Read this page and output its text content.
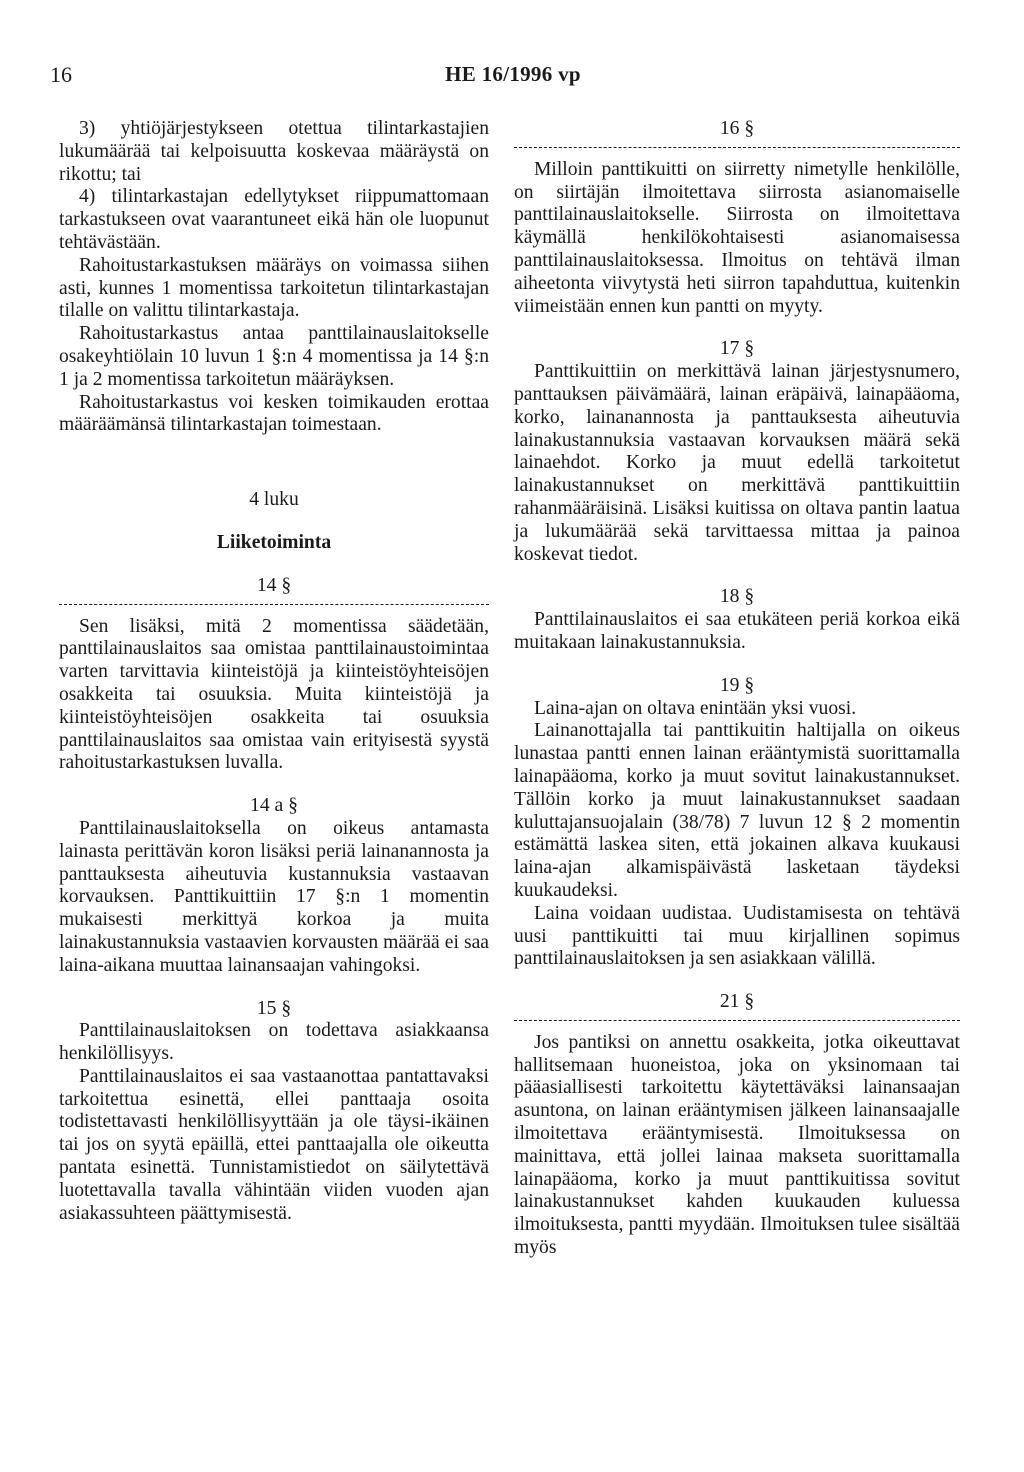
16	HE 16/1996 vp

3) yhtiöjärjestykseen otettua tilintarkastajien lukumäärää tai kelpoisuutta koskevaa määräystä on rikottu; tai

4) tilintarkastajan edellytykset riippumattomaan tarkastukseen ovat vaarantuneet eikä hän ole luopunut tehtävästään.

Rahoitustarkastuksen määräys on voimassa siihen asti, kunnes 1 momentissa tarkoitetun tilintarkastajan tilalle on valittu tilintarkastaja.

Rahoitustarkastus antaa panttilainauslaitokselle osakeyhtiölain 10 luvun 1 §:n 4 momentissa ja 14 §:n 1 ja 2 momentissa tarkoitetun määräyksen.

Rahoitustarkastus voi kesken toimikauden erottaa määräämänsä tilintarkastajan toimestaan.

4 luku

Liiketoiminta

14 §

Sen lisäksi, mitä 2 momentissa säädetään, panttilainauslaitos saa omistaa panttilainaustoimintaa varten tarvittavia kiinteistöjä ja kiinteistöyhteisöjen osakkeita tai osuuksia. Muita kiinteistöjä ja kiinteistöyhteisöjen osakkeita tai osuuksia panttilainauslaitos saa omistaa vain erityisestä syystä rahoitustarkastuksen luvalla.

14 a §

Panttilainauslaitoksella on oikeus antamasta lainasta perittävän koron lisäksi periä lainanannosta ja panttauksesta aiheutuvia kustannuksia vastaavan korvauksen. Panttikuittiin 17 §:n 1 momentin mukaisesti merkittyä korkoa ja muita lainakustannuksia vastaavien korvausten määrää ei saa laina-aikana muuttaa lainansaajan vahingoksi.

15 §

Panttilainauslaitoksen on todettava asiakkaansa henkilöllisyys.

Panttilainauslaitos ei saa vastaanottaa pantattavaksi tarkoitettua esinettä, ellei panttaaja osoita todistettavasti henkilöllisyyttään ja ole täysi-ikäinen tai jos on syytä epäillä, ettei panttaajalla ole oikeutta pantata esinettä. Tunnistamistiedot on säilytettävä luotettavalla tavalla vähintään viiden vuoden ajan asiakassuhteen päättymisestä.

16 §

Milloin panttikuitti on siirretty nimetylle henkilölle, on siirtäjän ilmoitettava siirrosta asianomaiselle panttilainauslaitokselle. Siirrosta on ilmoitettava käymällä henkilökohtaisesti asianomaisessa panttilainauslaitoksessa. Ilmoitus on tehtävä ilman aiheetonta viivytystä heti siirron tapahduttua, kuitenkin viimeistään ennen kun pantti on myyty.

17 §

Panttikuittiin on merkittävä lainan järjestysnumero, panttauksen päivämäärä, lainan eräpäivä, lainapääoma, korko, lainanannosta ja panttauksesta aiheutuvia lainakustannuksia vastaavan korvauksen määrä sekä lainaehdot. Korko ja muut edellä tarkoitetut lainakustannukset on merkittävä panttikuittiin rahanmääräisinä. Lisäksi kuitissa on oltava pantin laatua ja lukumäärää sekä tarvittaessa mittaa ja painoa koskevat tiedot.

18 §

Panttilainauslaitos ei saa etukäteen periä korkoa eikä muitakaan lainakustannuksia.

19 §

Laina-ajan on oltava enintään yksi vuosi.

Lainanottajalla tai panttikuitin haltijalla on oikeus lunastaa pantti ennen lainan erääntymistä suorittamalla lainapääoma, korko ja muut sovitut lainakustannukset. Tällöin korko ja muut lainakustannukset saadaan kuluttajansuojalain (38/78) 7 luvun 12 § 2 momentin estämättä laskea siten, että jokainen alkava kuukausi laina-ajan alkamispäivästä lasketaan täydeksi kuukaudeksi.

Laina voidaan uudistaa. Uudistamisesta on tehtävä uusi panttikuitti tai muu kirjallinen sopimus panttilainauslaitoksen ja sen asiakkaan välillä.

21 §

Jos pantiksi on annettu osakkeita, jotka oikeuttavat hallitsemaan huoneistoa, joka on yksinomaan tai pääasiallisesti tarkoitettu käytettäväksi lainansaajan asuntona, on lainan erääntymisen jälkeen lainansaajalle ilmoitettava erääntymisestä. Ilmoituksessa on mainittava, että jollei lainaa makseta suorittamalla lainapääoma, korko ja muut panttikuitissa sovitut lainakustannukset kahden kuukauden kuluessa ilmoituksesta, pantti myydään. Ilmoituksen tulee sisältää myös
